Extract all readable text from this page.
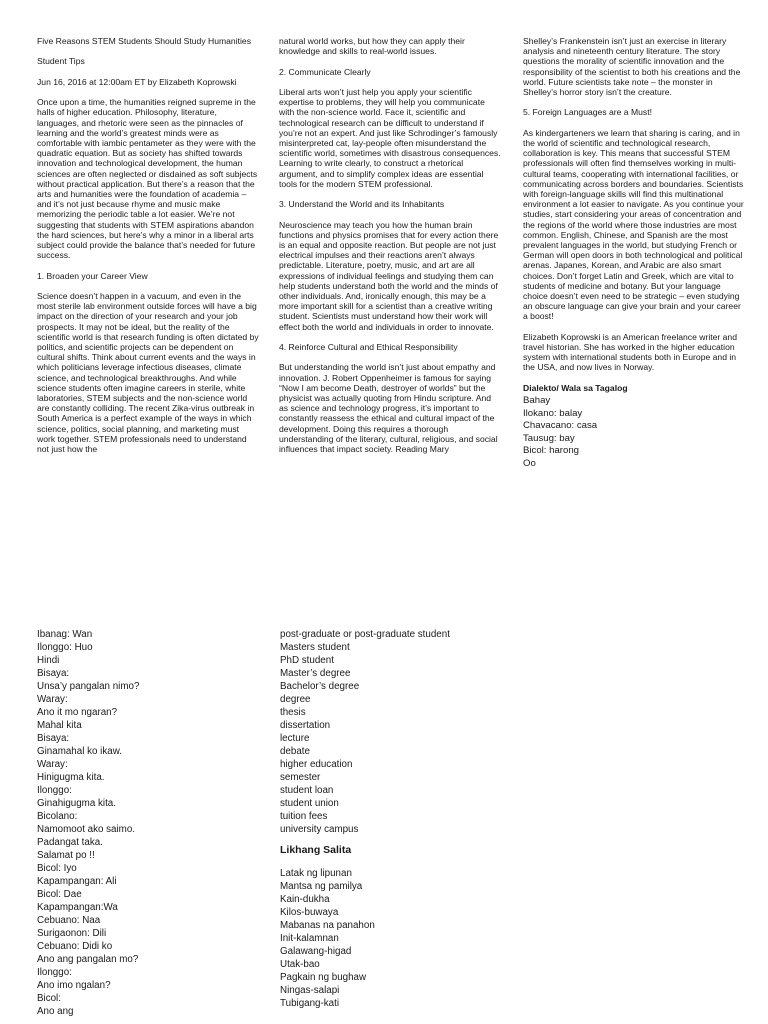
Five Reasons STEM Students Should Study Humanities

Student Tips

Jun 16, 2016 at 12:00am ET by Elizabeth Koprowski

Once upon a time, the humanities reigned supreme in the halls of higher education. Philosophy, literature, languages, and rhetoric were seen as the pinnacles of learning and the world’s greatest minds were as comfortable with iambic pentameter as they were with the quadratic equation. But as society has shifted towards innovation and technological development, the human sciences are often neglected or disdained as soft subjects without practical application. But there’s a reason that the arts and humanities were the foundation of academia – and it’s not just because rhyme and music make memorizing the periodic table a lot easier. We’re not suggesting that students with STEM aspirations abandon the hard sciences, but here’s why a minor in a liberal arts subject could provide the balance that’s needed for future success.

1. Broaden your Career View

Science doesn’t happen in a vacuum, and even in the most sterile lab environment outside forces will have a big impact on the direction of your research and your job prospects. It may not be ideal, but the reality of the scientific world is that research funding is often dictated by politics, and scientific projects can be dependent on cultural shifts. Think about current events and the ways in which politicians leverage infectious diseases, climate science, and technological breakthroughs. And while science students often imagine careers in sterile, white laboratories, STEM subjects and the non-science world are constantly colliding. The recent Zika-virus outbreak in South America is a perfect example of the ways in which science, politics, social planning, and marketing must work together. STEM professionals need to understand not just how the

natural world works, but how they can apply their knowledge and skills to real-world issues.

2. Communicate Clearly

Liberal arts won’t just help you apply your scientific expertise to problems, they will help you communicate with the non-science world. Face it, scientific and technological research can be difficult to understand if you’re not an expert. And just like Schrodinger’s famously misinterpreted cat, lay-people often misunderstand the scientific world, sometimes with disastrous consequences. Learning to write clearly, to construct a rhetorical argument, and to simplify complex ideas are essential tools for the modern STEM professional.

3. Understand the World and its Inhabitants

Neuroscience may teach you how the human brain functions and physics promises that for every action there is an equal and opposite reaction. But people are not just electrical impulses and their reactions aren’t always predictable. Literature, poetry, music, and art are all expressions of individual feelings and studying them can help students understand both the world and the minds of other individuals. And, ironically enough, this may be a more important skill for a scientist than a creative writing student. Scientists must understand how their work will effect both the world and individuals in order to innovate.

4. Reinforce Cultural and Ethical Responsibility

But understanding the world isn’t just about empathy and innovation. J. Robert Oppenheimer is famous for saying “Now I am become Death, destroyer of worlds” but the physicist was actually quoting from Hindu scripture. And as science and technology progress, it’s important to constantly reassess the ethical and cultural impact of the development. Doing this requires a thorough understanding of the literary, cultural, religious, and social influences that impact society. Reading Mary

Shelley’s Frankenstein isn’t just an exercise in literary analysis and nineteenth century literature. The story questions the morality of scientific innovation and the responsibility of the scientist to both his creations and the world. Future scientists take note – the monster in Shelley’s horror story isn’t the creature.

5. Foreign Languages are a Must!

As kindergarteners we learn that sharing is caring, and in the world of scientific and technological research, collaboration is key. This means that successful STEM professionals will often find themselves working in multi-cultural teams, cooperating with international facilities, or communicating across borders and boundaries. Scientists with foreign-language skills will find this multinational environment a lot easier to navigate. As you continue your studies, start considering your areas of concentration and the regions of the world where those industries are most common. English, Chinese, and Spanish are the most prevalent languages in the world, but studying French or German will open doors in both technological and political arenas. Japanes, Korean, and Arabic are also smart choices. Don’t forget Latin and Greek, which are vital to students of medicine and botany. But your language choice doesn’t even need to be strategic – even studying an obscure language can give your brain and your career a boost!

Elizabeth Koprowski is an American freelance writer and travel historian. She has worked in the higher education system with international students both in Europe and in the USA, and now lives in Norway.

Dialekto/ Wala sa Tagalog

Bahay
Ilokano: balay
Chavacano: casa
Tausug: bay
Bicol: harong
Oo
Ibanag: Wan
Ilonggo: Huo
Hindi
Bisaya:
Unsa’y pangalan nimo?
Waray:
Ano it mo ngaran?
Mahal kita
Bisaya:
Ginamahal ko ikaw.
Waray:
Hinigugma kita.
Ilonggo:
Ginahigugma kita.
Bicolano:
Namomoot ako saimo.
Padangat taka.
Salamat po !!
Bicol: Iyo
Kapampangan: Ali
Bicol: Dae
Kapampangan:Wa
Cebuano: Naa
Surigaonon: Dili
Cebuano: Didi ko
Ano ang pangalan mo?
Ilonggo:
Ano imo ngalan?
Bicol:
Ano ang
post-graduate or post-graduate student
Masters student
PhD student
Master’s degree
Bachelor’s degree
degree
thesis
dissertation
lecture
debate
higher education
semester
student loan
student union
tuition fees
university campus
Likhang Salita
Latak ng lipunan
Mantsa ng pamilya
Kain-dukha
Kilos-buwaya
Mabanas na panahon
Init-kalamnan
Galawang-higad
Utak-bao
Pagkain ng bughaw
Ningas-salapi
Tubigang-kati
